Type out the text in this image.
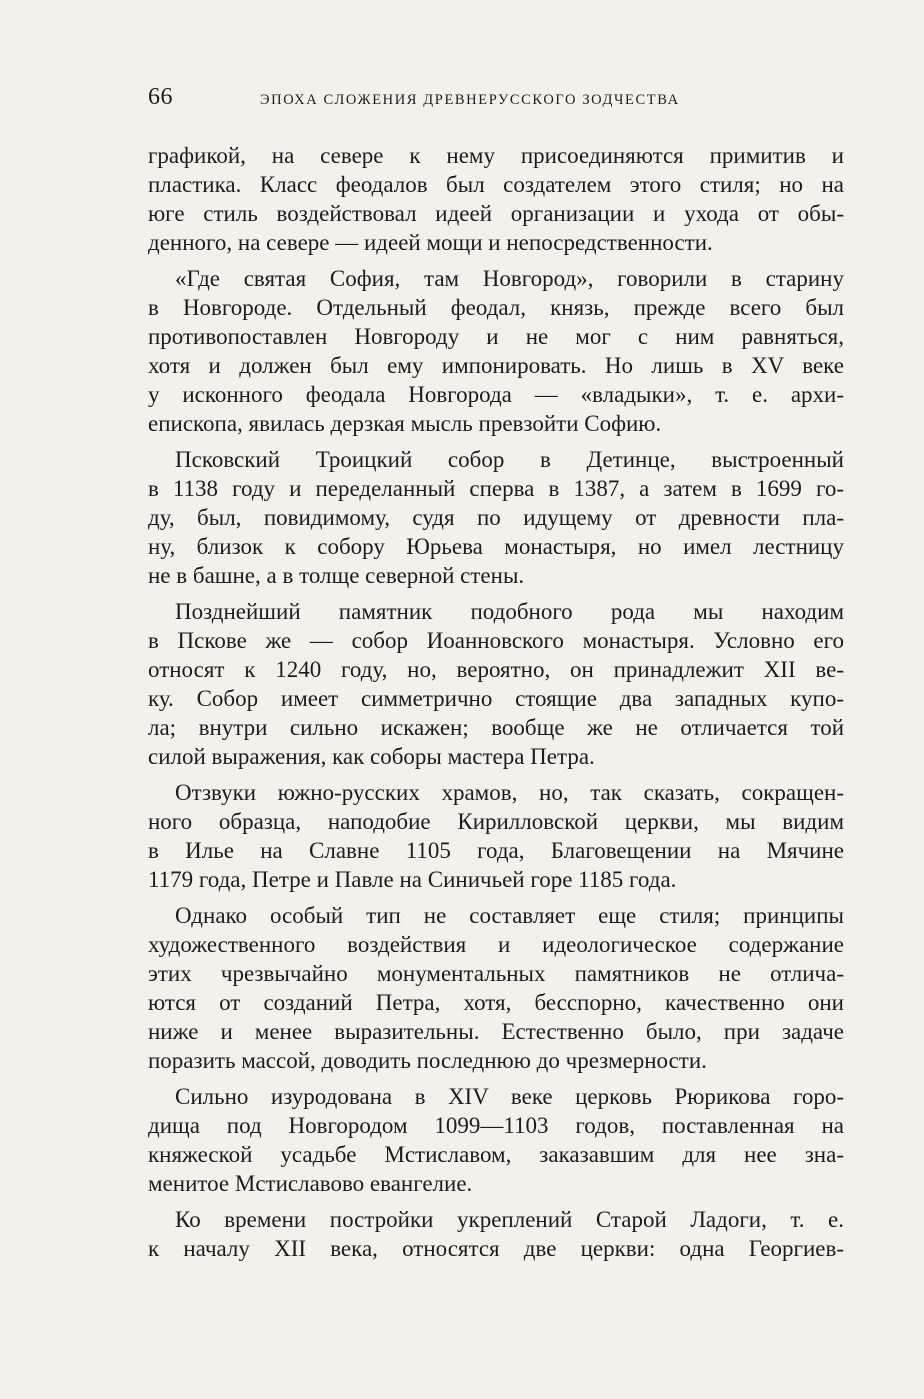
66	ЭПОХА СЛОЖЕНИЯ ДРЕВНЕРУССКОГО ЗОДЧЕСТВА
графикой, на севере к нему присоединяются примитив и
пластика. Класс феодалов был создателем этого стиля; но на
юге стиль воздействовал идеей организации и ухода от обы-
денного, на севере — идеей мощи и непосредственности.
«Где святая София, там Новгород», говорили в старину
в Новгороде. Отдельный феодал, князь, прежде всего был
противопоставлен Новгороду и не мог с ним равняться,
хотя и должен был ему импонировать. Но лишь в XV веке
у исконного феодала Новгорода — «владыки», т. е. архи-
епископа, явилась дерзкая мысль превзойти Софию.
Псковский Троицкий собор в Детинце, выстроенный
в 1138 году и переделанный сперва в 1387, а затем в 1699 го-
ду, был, повидимому, судя по идущему от древности пла-
ну, близок к собору Юрьева монастыря, но имел лестницу
не в башне, а в толще северной стены.
Позднейший памятник подобного рода мы находим
в Пскове же — собор Иоанновского монастыря. Условно его
относят к 1240 году, но, вероятно, он принадлежит XII ве-
ку. Собор имеет симметрично стоящие два западных купо-
ла; внутри сильно искажен; вообще же не отличается той
силой выражения, как соборы мастера Петра.
Отзвуки южно-русских храмов, но, так сказать, сокращен-
ного образца, наподобие Кирилловской церкви, мы видим
в Илье на Славне 1105 года, Благовещении на Мячине
1179 года, Петре и Павле на Синичьей горе 1185 года.
Однако особый тип не составляет еще стиля; принципы
художественного воздействия и идеологическое содержание
этих чрезвычайно монументальных памятников не отлича-
ются от созданий Петра, хотя, бесспорно, качественно они
ниже и менее выразительны. Естественно было, при задаче
поразить массой, доводить последнюю до чрезмерности.
Сильно изуродована в XIV веке церковь Рюрикова горо-
дища под Новгородом 1099—1103 годов, поставленная на
княжеской усадьбе Мстиславом, заказавшим для нее зна-
менитое Мстиславово евангелие.
Ко времени постройки укреплений Старой Ладоги, т. е.
к началу XII века, относятся две церкви: одна Георгиев-
